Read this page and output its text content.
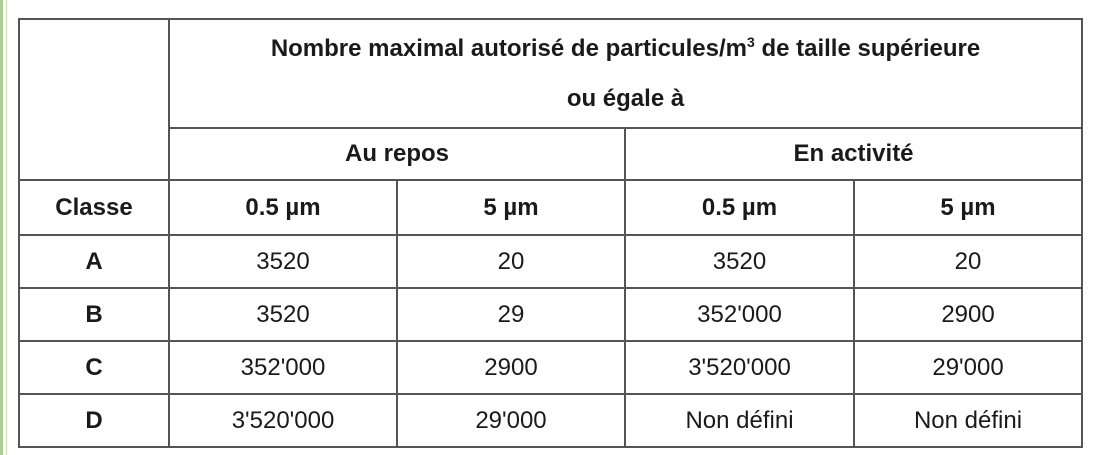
	Nombre maximal autorisé de particules/$m^3$ de taille supérieure
ou égale à			
	Au repos		En activité	
Classe	0.5 µm	5 µm	0.5 µm	5 µm
A	3520	20	3520	20
B	3520	29	352'000	2900
C	352'000	2900	3'520'000	29'000
D	3'520'000	29'000	Non défini	Non défini
